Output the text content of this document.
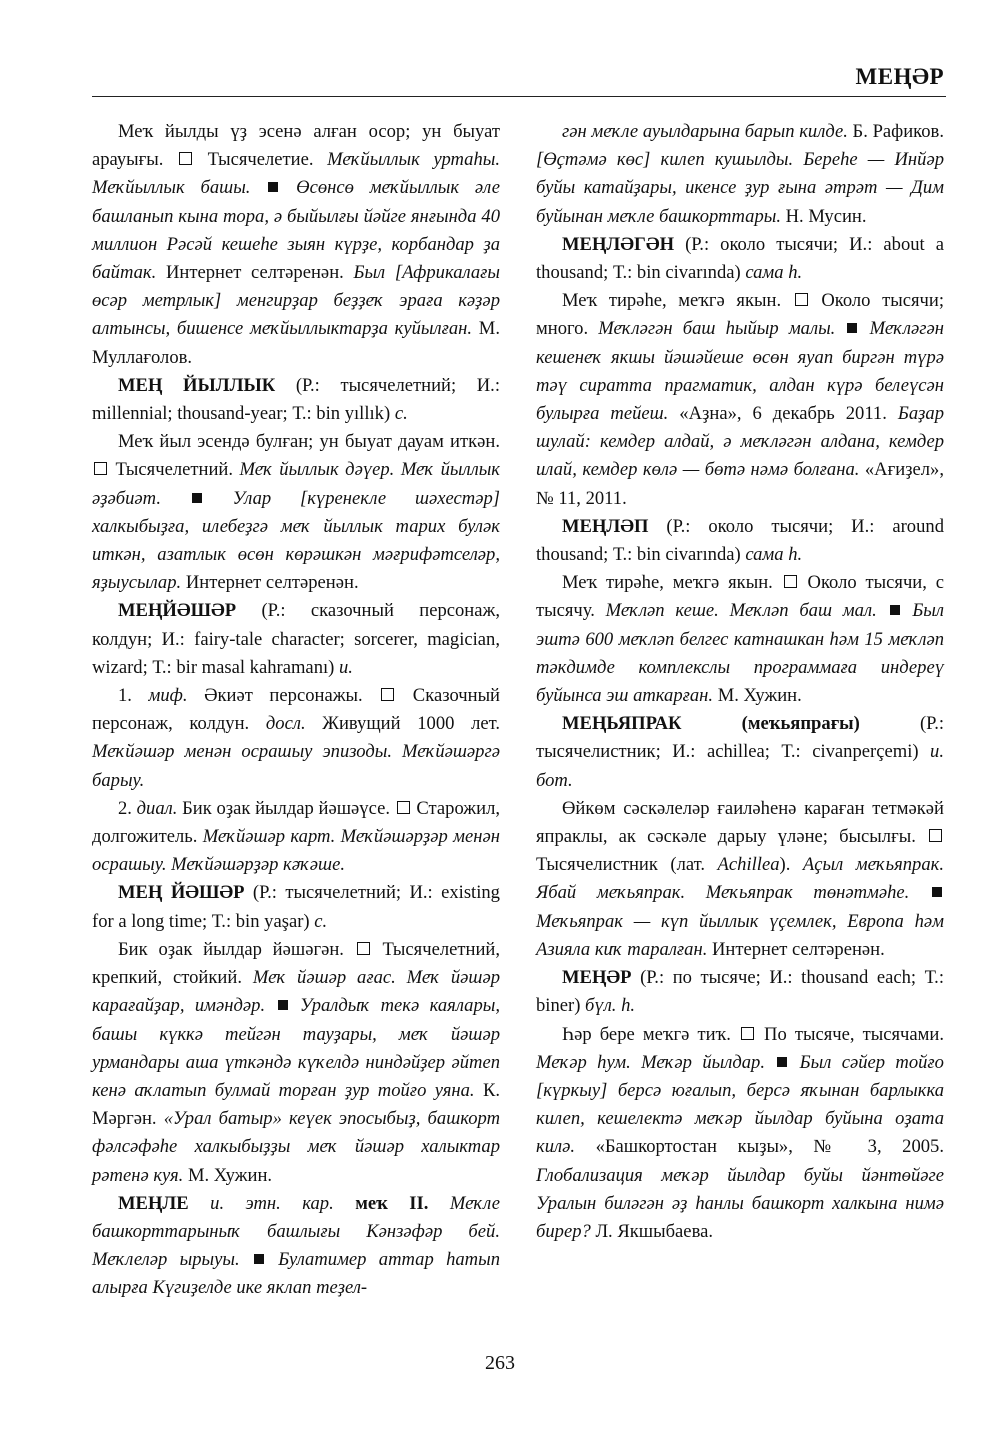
МЕҢӘР

Меҡ йылды үҙ эсенә алған осор; ун быуат арауығы.  Тысячелетие. Меҡйыллык уртаһы. Меҡйыллык башы.  Өсөнсө меҡйыллык әле башланып кына тора, ә быйылғы йәйге янғында 40 миллион Рәсәй кешеһе зыян күрҙе, корбандар ҙа байтак. Интернет селтәренән. Был [Африкалағы өсәр метрлык] менгирҙар беҙҙеҡ эраға кәҙәр алтынсы, бишенсе меҡйыллыктарҙа куйылған. М. Муллағолов.

МЕҢ ЙЫЛЛЫК (Р.: тысячелетний; И.: millennial; thousand-year; Т.: bin yıllık) с.

Меҡ йыл эсендә булған; ун быуат дауам иткән.  Тысячелетний. Меҡ йыллык дәүер. Меҡ йыллык әҙәбиәт.  Улар [күренекле шәхестәр] халкыбыҙға, илебеҙгә меҡ йыллык тарих буләк иткән, азатлык өсөн көрәшкән мәғрифәтселәр, яҙыусылар. Интернет селтәренән.

МЕҢЙӘШӘР (Р.: сказочный персонаж, колдун; И.: fairy-tale character; sorcerer, magician, wizard; Т.: bir masal kahramanı) и.

1. миф. Әкиәт персонажы.  Сказочный персонаж, колдун. досл. Живущий 1000 лет. Меҡйәшәр менән осрашыу эпизоды. Меҡйәшәргә барыу.

2. диал. Бик оҙак йылдар йәшәүсе.  Старожил, долгожитель. Меҡйәшәр карт. Меҡйәшәрҙәр менән осрашыу. Меҡйәшәрҙәр кәҡәше.

МЕҢ ЙӘШӘР (Р.: тысячелетний; И.: existing for a long time; Т.: bin yaşar) с.

Бик оҙак йылдар йәшәгән.  Тысячелетний, крепкий, стойкий. Меҡ йәшәр ағас. Меҡ йәшәр карағайҙар, имәндәр.  Уралдыҡ текә каялары, башы күккә тейгән тауҙары, меҡ йәшәр урмандары аша үткәндә күҡелдә ниндәйҙер әйтеп кенә аҡлатып булмай торған ҙур тойғо уяна. К. Мәргән. «Урал батыр» кеүек эпосыбыҙ, башкорт фәлсәфәһе халкыбыҙҙы меҡ йәшәр халыктар рәтенә куя. М. Хужин.

МЕҢЛЕ и. этн. кар. меҡ II. Меҡле башкорттарыныҡ башлығы Кәнзәфәр бей. Меҡлеләр ырыуы.  Булатимер аттар һатып алырға Күгиҙелде ике яклап теҙел-

гән меҡле ауылдарына барып килде. Б. Рафиков. [Өҫтәмә көс] килеп кушылды. Береһе — Инйәр буйы катайҙары, икенсе ҙур ғына әтрәт — Дим буйынан меҡле башкорттары. Н. Мусин.

МЕҢЛӘГӘН (Р.: около тысячи; И.: about a thousand; Т.: bin civarında) сама һ.

Меҡ тирәһе, меҡгә якын.  Около тысячи; много. Меҡләгән баш һыйыр малы.  Меҡләгән кешенеҡ якшы йәшәйеше өсөн яуап биргән түрә тәү сиратта прагматик, алдан күрә белеүсән булырға тейеш. «Аҙна», 6 декабрь 2011. Баҙар шулай: кемдер алдай, ә меҡләгән алдана, кемдер илай, кемдер көлә — бөтә нәмә болғана. «Ағиҙел», № 11, 2011.

МЕҢЛӘП (Р.: около тысячи; И.: around thousand; Т.: bin civarında) сама һ.

Меҡ тирәһе, меҡгә якын.  Около тысячи, с тысячу. Меҡләп кеше. Меҡләп баш мал.  Был эштә 600 меҡләп белгес катнашкан һәм 15 меҡләп тәкдимде комплекслы программаға индереү буйынса эш аткарған. М. Хужин.

МЕҢЬЯПРАК (меҡьяпрағы) (Р.: тысячелистник; И.: achillea; Т.: civanperçemi) и. бот.

Өйкөм сәскәлеләр ғаиләһенә караған тетмәкәй япраклы, ак сәскәле дарыу үләне; бысылғы.  Тысячелистник (лат. Achillea). Аҫыл меҡьяпрак. Ябай меҡьяпрак. Меҡьяпрак төнәтмәһе.  Меҡьяпрак — күп йыллык үҫемлек, Европа һәм Азияла киҡ таралған. Интернет селтәренән.

МЕҢӘР (Р.: по тысяче; И.: thousand each; Т.: biner) бүл. һ.

Һәр бере меҡгә тиҡ.  По тысяче, тысячами. Меҡәр һум. Меҡәр йылдар.  Был сәйер тойғо [күркыу] берсә юғалып, берсә яҡынан барлыкка килеп, кешелектә меҡәр йылдар буйына оҙата килә. «Башкортостан кыҙы», № 3, 2005. Глобализация меҡәр йылдар буйы йәнтөйәге Уралын биләгән әҙ һанлы башкорт халкына нимә бирер? Л. Якшыбаева.

263
